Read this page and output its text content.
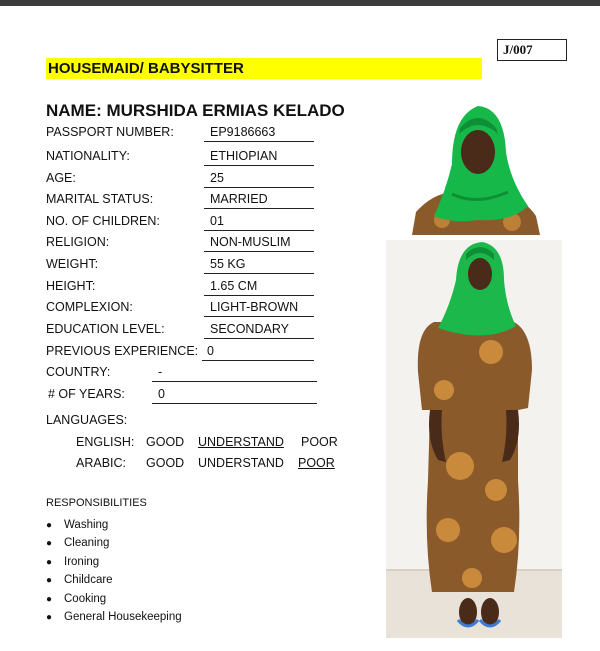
J/007
HOUSEMAID/ BABYSITTER
NAME: MURSHIDA ERMIAS KELADO
PASSPORT NUMBER:	EP9186663
NATIONALITY:	ETHIOPIAN
AGE:	25
MARITAL STATUS:	MARRIED
NO. OF CHILDREN:	01
RELIGION:	NON-MUSLIM
WEIGHT:	55 KG
HEIGHT:	1.65 CM
COMPLEXION:	LIGHT-BROWN
EDUCATION LEVEL:	SECONDARY
PREVIOUS EXPERIENCE: 0
COUNTRY:	-
# OF YEARS:	0
LANGUAGES:
ENGLISH: GOOD UNDERSTAND POOR
ARABIC: GOOD UNDERSTAND POOR
RESPONSIBILITIES
● Washing
● Cleaning
● Ironing
● Childcare
● Cooking
● General Housekeeping
